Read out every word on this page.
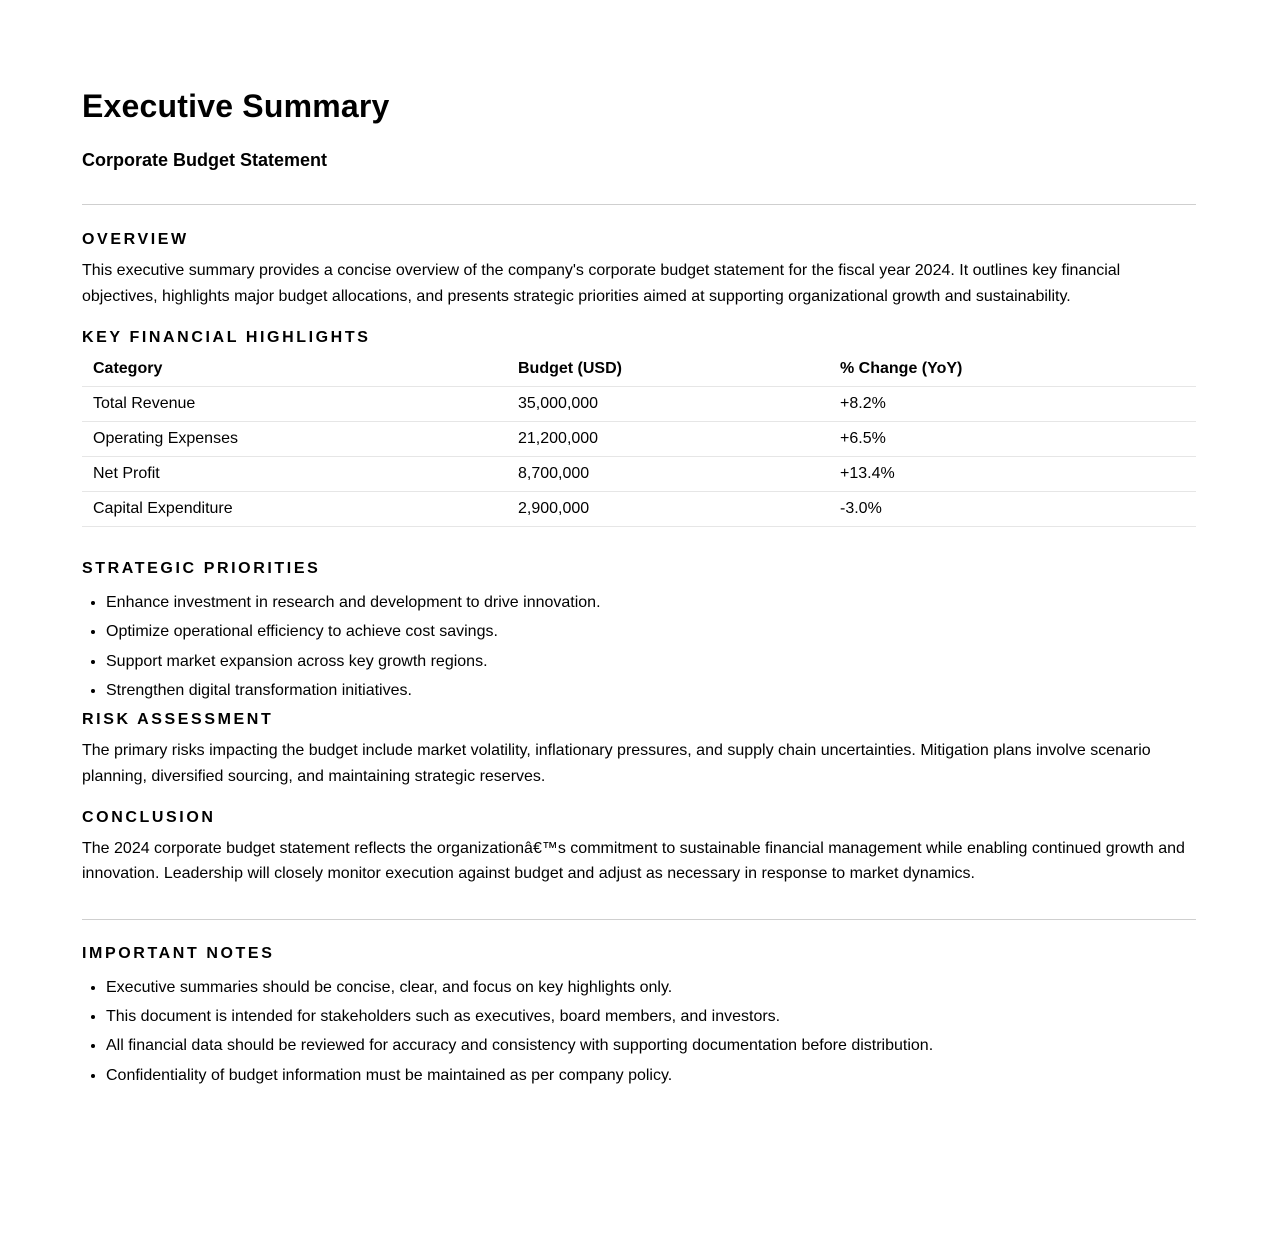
Executive Summary
Corporate Budget Statement
OVERVIEW

This executive summary provides a concise overview of the company's corporate budget statement for the fiscal year 2024. It outlines key financial objectives, highlights major budget allocations, and presents strategic priorities aimed at supporting organizational growth and sustainability.

KEY FINANCIAL HIGHLIGHTS
Category	Budget (USD)	% Change (YoY)
Total Revenue	35,000,000	+8.2%
Operating Expenses	21,200,000	+6.5%
Net Profit	8,700,000	+13.4%
Capital Expenditure	2,900,000	-3.0%
STRATEGIC PRIORITIES
• Enhance investment in research and development to drive innovation.
• Optimize operational efficiency to achieve cost savings.
• Support market expansion across key growth regions.
• Strengthen digital transformation initiatives.
RISK ASSESSMENT

The primary risks impacting the budget include market volatility, inflationary pressures, and supply chain uncertainties. Mitigation plans involve scenario planning, diversified sourcing, and maintaining strategic reserves.

CONCLUSION

The 2024 corporate budget statement reflects the organizationâ€™s commitment to sustainable financial management while enabling continued growth and innovation. Leadership will closely monitor execution against budget and adjust as necessary in response to market dynamics.

IMPORTANT NOTES
• Executive summaries should be concise, clear, and focus on key highlights only.
• This document is intended for stakeholders such as executives, board members, and investors.
• All financial data should be reviewed for accuracy and consistency with supporting documentation before distribution.
• Confidentiality of budget information must be maintained as per company policy.
